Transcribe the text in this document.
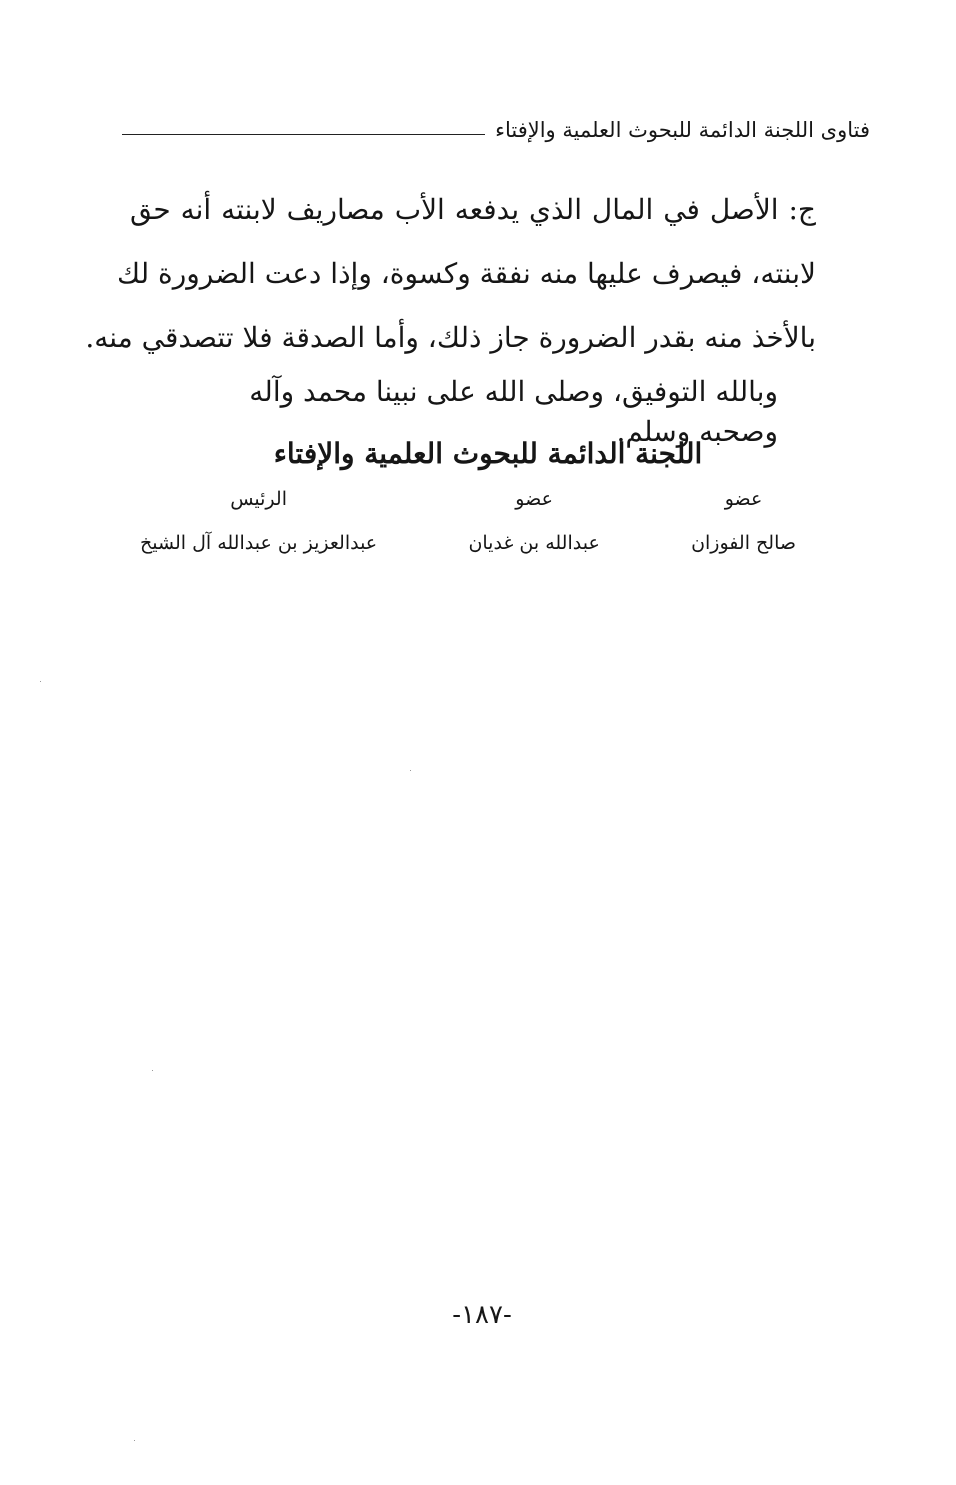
فتاوى اللجنة الدائمة للبحوث العلمية والإفتاء
ج: الأصل في المال الذي يدفعه الأب مصاريف لابنته أنه حق
لابنته، فيصرف عليها منه نفقة وكسوة، وإذا دعت الضرورة لك
بالأخذ منه بقدر الضرورة جاز ذلك، وأما الصدقة فلا تتصدقي منه.
وبالله التوفيق، وصلى الله على نبينا محمد وآله وصحبه وسلم.
اللجنة الدائمة للبحوث العلمية والإفتاء
عضو
صالح الفوزان
عضو
عبدالله بن غديان
الرئيس
عبدالعزيز بن عبدالله آل الشيخ
-١٨٧-
